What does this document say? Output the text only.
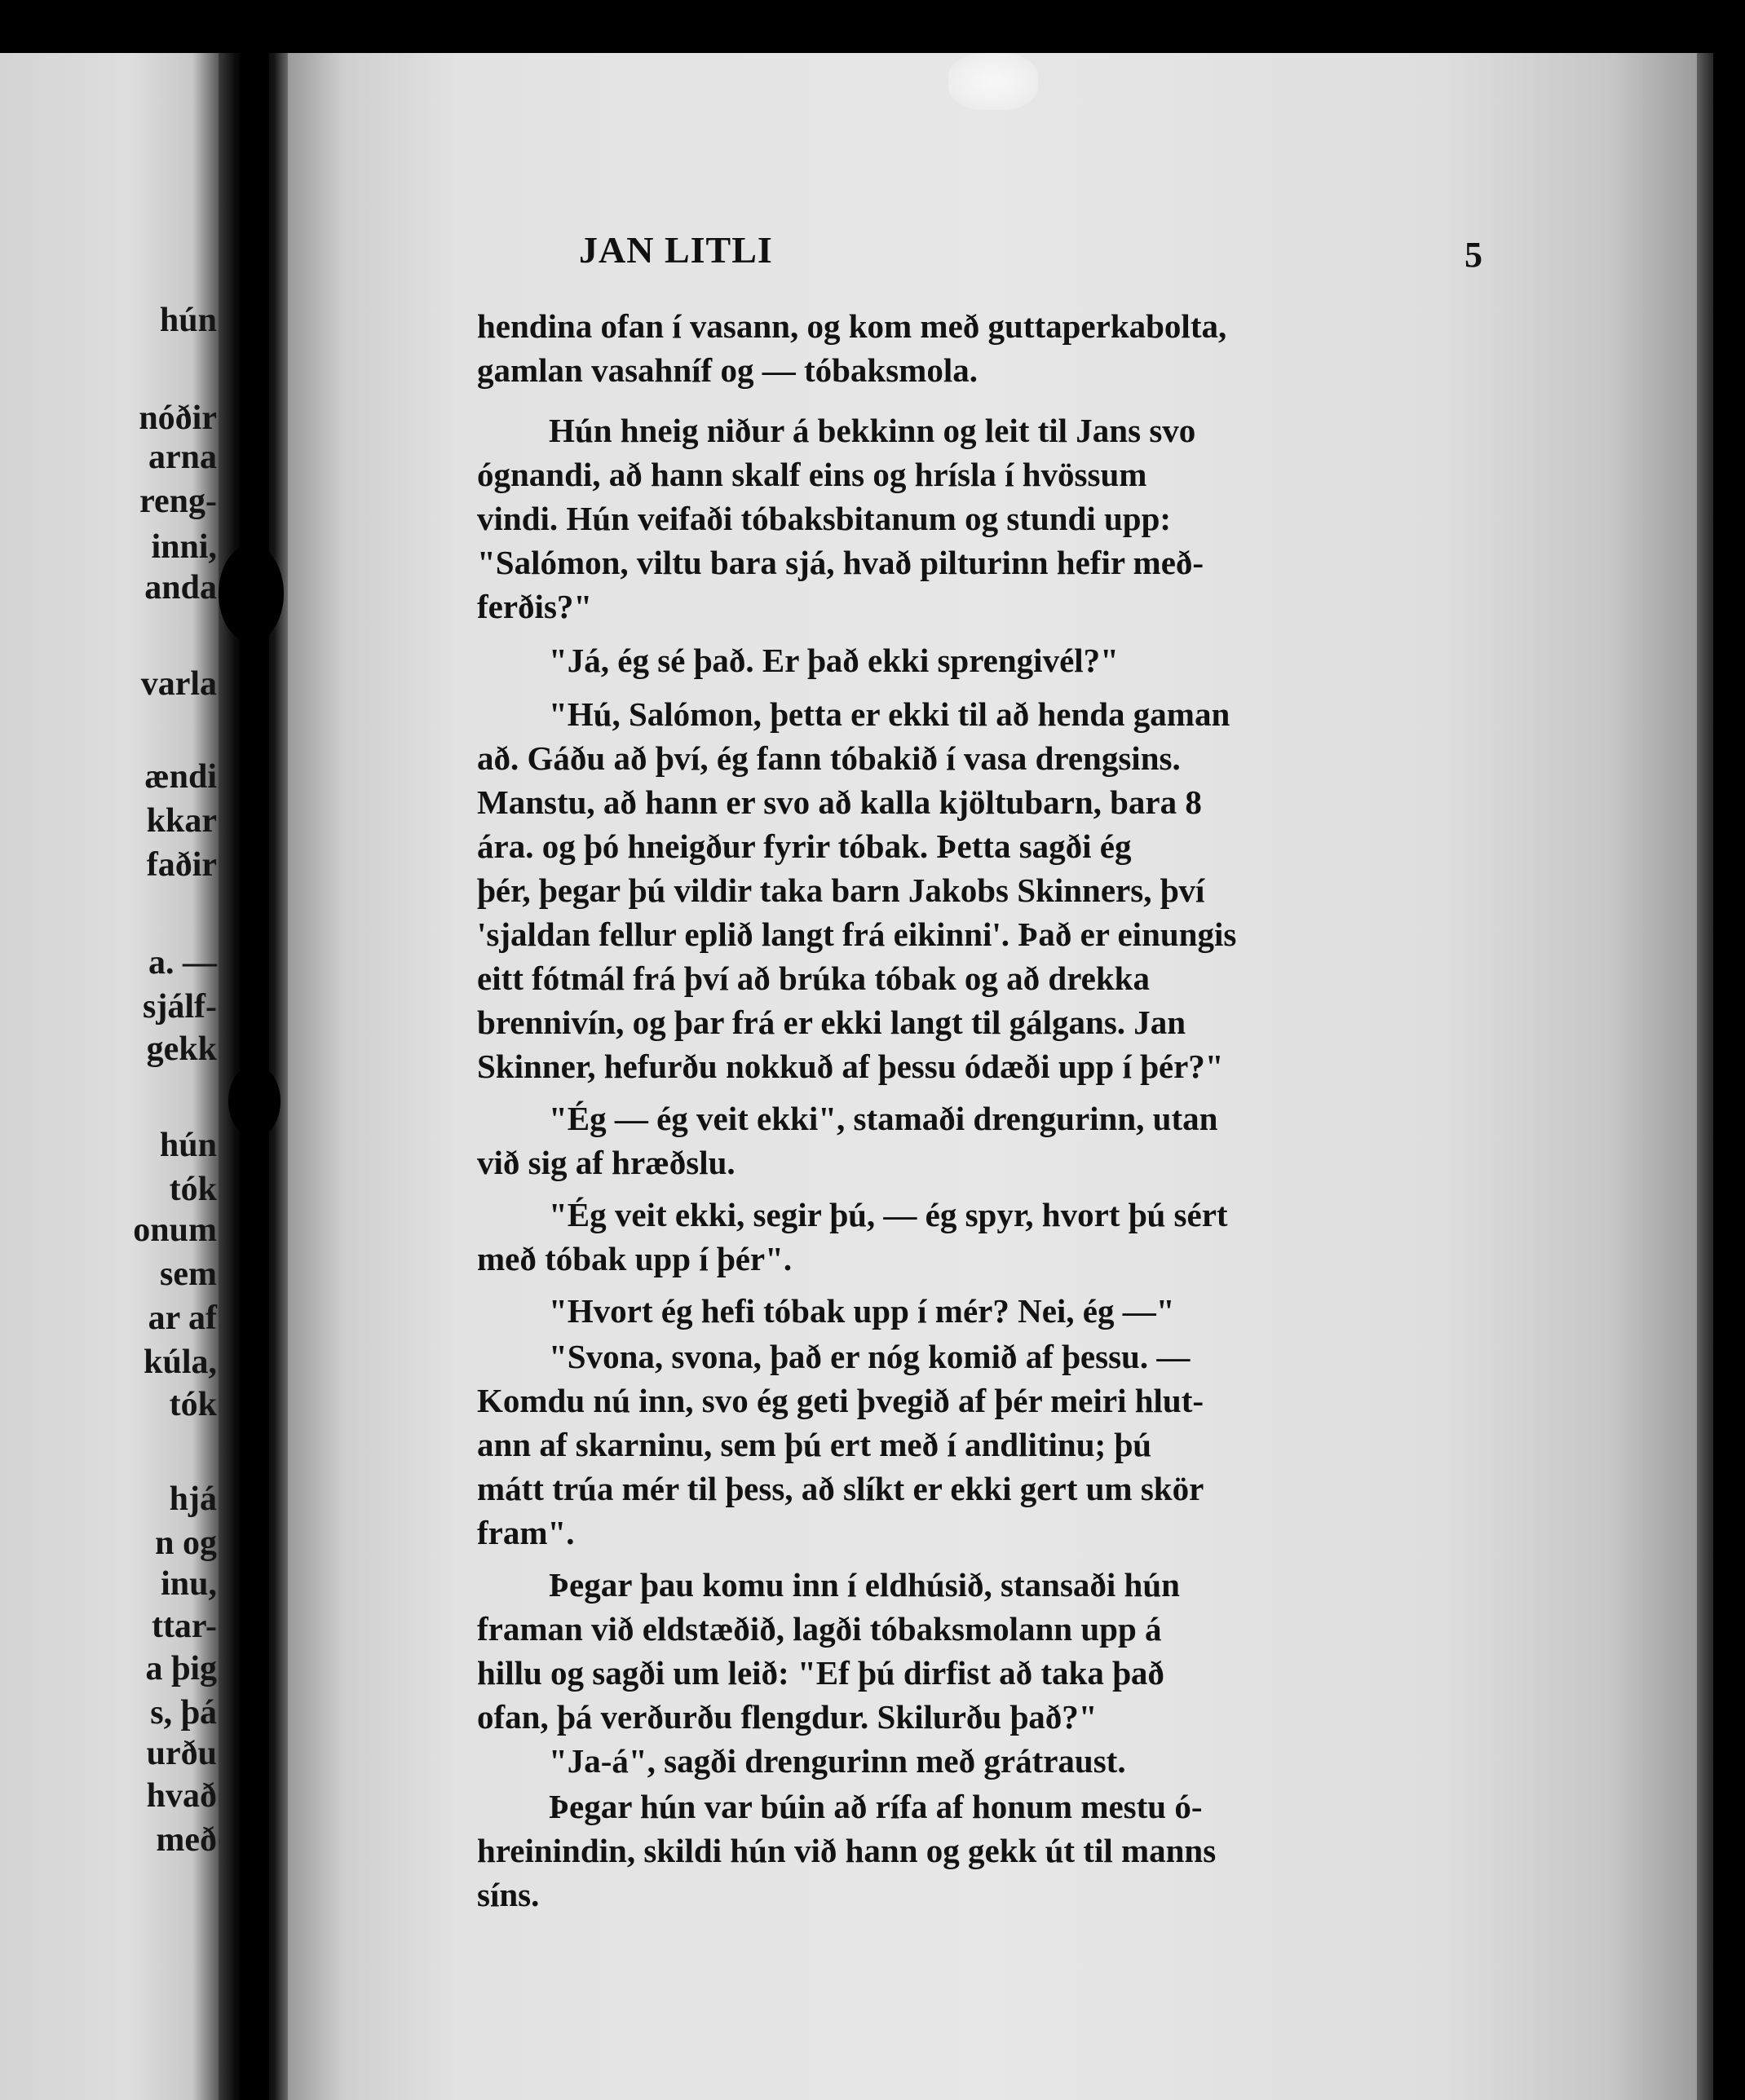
hún
nóðir
arna
reng-
inni,
anda
varla
ændi
kkar
faðir
a. —
sjálf-
gekk
hún
tók
onum
sem
ar af
kúla,
tók
hjá
n og
inu,
ttar-
a þig
s, þá
urðu
hvað
með
JAN LITLI	5
hendina ofan í vasann, og kom með guttaperkabolta,
gamlan vasahníf og — tóbaksmola.
Hún hneig niður á bekkinn og leit til Jans svo
ógnandi, að hann skalf eins og hrísla í hvössum
vindi. Hún veifaði tóbaksbitanum og stundi upp:
"Salómon, viltu bara sjá, hvað pilturinn hefir með-
ferðis?"
"Já, ég sé það. Er það ekki sprengivél?"
"Hú, Salómon, þetta er ekki til að henda gaman
að. Gáðu að því, ég fann tóbakið í vasa drengsins.
Manstu, að hann er svo að kalla kjöltubarn, bara 8
ára. og þó hneigður fyrir tóbak. Þetta sagði ég
þér, þegar þú vildir taka barn Jakobs Skinners, því
'sjaldan fellur eplið langt frá eikinni'. Það er einungis
eitt fótmál frá því að brúka tóbak og að drekka
brennivín, og þar frá er ekki langt til gálgans. Jan
Skinner, hefurðu nokkuð af þessu ódæði upp í þér?"
"Ég — ég veit ekki", stamaði drengurinn, utan
við sig af hræðslu.
"Ég veit ekki, segir þú, — ég spyr, hvort þú sért
með tóbak upp í þér".
"Hvort ég hefi tóbak upp í mér? Nei, ég —"
"Svona, svona, það er nóg komið af þessu. —
Komdu nú inn, svo ég geti þvegið af þér meiri hlut-
ann af skarninu, sem þú ert með í andlitinu; þú
mátt trúa mér til þess, að slíkt er ekki gert um skör
fram".
Þegar þau komu inn í eldhúsið, stansaði hún
framan við eldstæðið, lagði tóbaksmolann upp á
hillu og sagði um leið: "Ef þú dirfist að taka það
ofan, þá verðurðu flengdur. Skilurðu það?"
"Ja-á", sagði drengurinn með grátraust.
Þegar hún var búin að rífa af honum mestu ó-
hreinindin, skildi hún við hann og gekk út til manns
síns.
